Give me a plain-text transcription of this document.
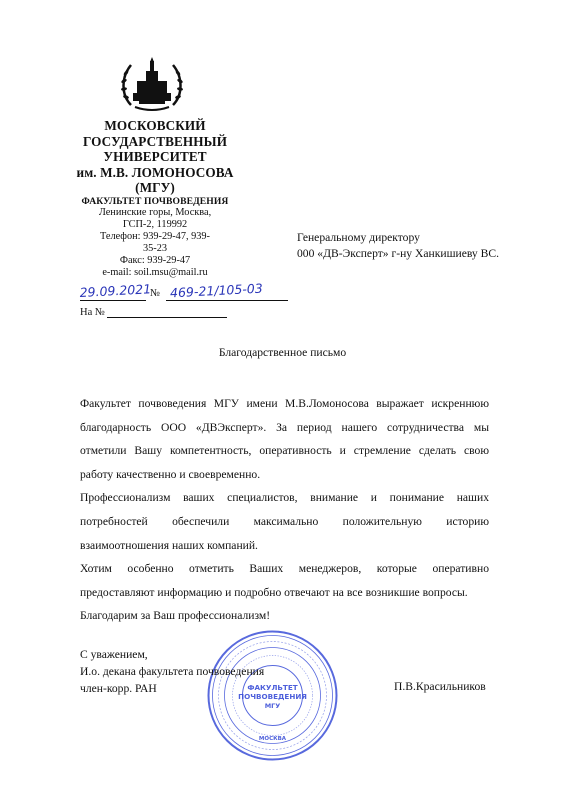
МОСКОВСКИЙ
ГОСУДАРСТВЕННЫЙ
УНИВЕРСИТЕТ
им. М.В. ЛОМОНОСОВА
(МГУ)
ФАКУЛЬТЕТ ПОЧВОВЕДЕНИЯ
Ленинские горы, Москва,
ГСП-2, 119992
Телефон: 939-29-47, 939-
35-23
Факс: 939-29-47
e-mail: soil.msu@mail.ru
29.09.2021
№ 469-21/105-03
На №
Генеральному директору
000 «ДВ-Эксперт» г-ну Ханкишиеву ВС.
Благодарственное письмо

Факультет почвоведения МГУ имени М.В.Ломоносова выражает искреннюю благодарность ООО «ДВЭксперт». За период нашего сотрудничества мы отметили Вашу компетентность, оперативность и стремление сделать свою работу качественно и своевременно.

Профессионализм ваших специалистов, внимание и понимание наших потребностей обеспечили максимально положительную историю взаимоотношения наших компаний.

Хотим особенно отметить Ваших менеджеров, которые оперативно предоставляют информацию и подробно отвечают на все возникшие вопросы.

Благодарим за Ваш профессионализм!

ФАКУЛЬТЕТ
ПОЧВОВЕДЕНИЯ
МГУ
МОСКВА
С уважением,
И.о. декана факультета почвоведения
член-корр. РАН	П.В.Красильников
